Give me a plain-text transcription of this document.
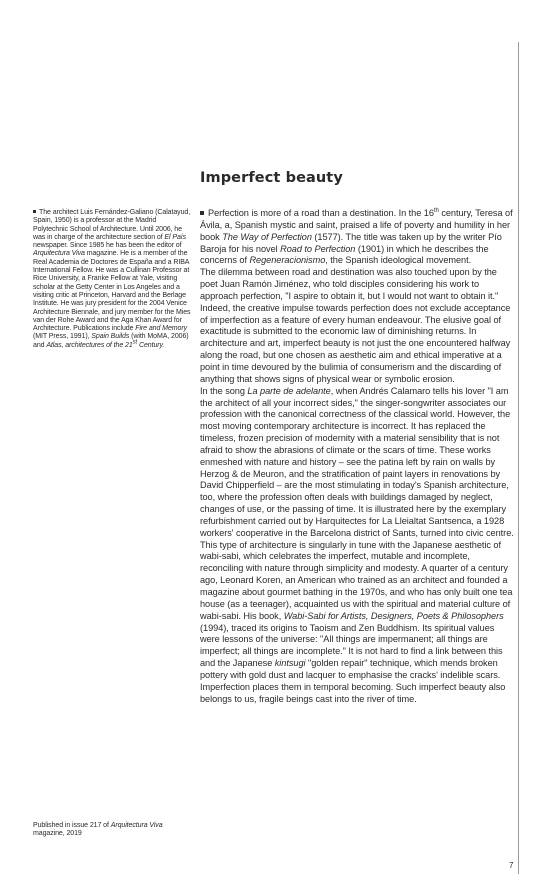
Imperfect beauty

The architect Luis Fernández-Galiano (Calatayud, Spain, 1950) is a professor at the Madrid Polytechnic School of Architecture. Until 2006, he was in charge of the architecture section of El País newspaper. Since 1985 he has been the editor of Arquitectura Viva magazine. He is a member of the Real Academia de Doctores de España and a RIBA International Fellow. He was a Cullinan Professor at Rice University, a Franke Fellow at Yale, visiting scholar at the Getty Center in Los Angeles and a visiting critic at Princeton, Harvard and the Berlage Institute. He was jury president for the 2004 Venice Architecture Biennale, and jury member for the Mies van der Rohe Award and the Aga Khan Award for Architecture. Publications include Fire and Memory (MIT Press, 1991), Spain Builds (with MoMA, 2006) and Atlas, architectures of the 21st Century.

Published in issue 217 of Arquitectura Viva magazine, 2019

Perfection is more of a road than a destination. In the 16th century, Teresa of Ávila, a, Spanish mystic and saint, praised a life of poverty and humility in her book The Way of Perfection (1577). The title was taken up by the writer Pío Baroja for his novel Road to Perfection (1901) in which he describes the concerns of Regeneracionismo, the Spanish ideological movement.

The dilemma between road and destination was also touched upon by the poet Juan Ramón Jiménez, who told disciples considering his work to approach perfection, "I aspire to obtain it, but I would not want to obtain it." Indeed, the creative impulse towards perfection does not exclude acceptance of imperfection as a feature of every human endeavour. The elusive goal of exactitude is submitted to the economic law of diminishing returns. In architecture and art, imperfect beauty is not just the one encountered halfway along the road, but one chosen as aesthetic aim and ethical imperative at a point in time devoured by the bulimia of consumerism and the discarding of anything that shows signs of physical wear or symbolic erosion.

In the song La parte de adelante, when Andrés Calamaro tells his lover "I am the architect of all your incorrect sides," the singer-songwriter associates our profession with the canonical correctness of the classical world. However, the most moving contemporary architecture is incorrect. It has replaced the timeless, frozen precision of modernity with a material sensibility that is not afraid to show the abrasions of climate or the scars of time. These works enmeshed with nature and history – see the patina left by rain on walls by Herzog & de Meuron, and the stratification of paint layers in renovations by David Chipperfield – are the most stimulating in today's Spanish architecture, too, where the profession often deals with buildings damaged by neglect, changes of use, or the passing of time. It is illustrated here by the exemplary refurbishment carried out by Harquitectes for La Lleialtat Santsenca, a 1928 workers' cooperative in the Barcelona district of Sants, turned into civic centre.

This type of architecture is singularly in tune with the Japanese aesthetic of wabi-sabi, which celebrates the imperfect, mutable and incomplete, reconciling with nature through simplicity and modesty. A quarter of a century ago, Leonard Koren, an American who trained as an architect and founded a magazine about gourmet bathing in the 1970s, and who has only built one tea house (as a teenager), acquainted us with the spiritual and material culture of wabi-sabi. His book, Wabi-Sabi for Artists, Designers, Poets & Philosophers (1994), traced its origins to Taoism and Zen Buddhism. Its spiritual values were lessons of the universe: "All things are impermanent; all things are imperfect; all things are incomplete." It is not hard to find a link between this and the Japanese kintsugi "golden repair" technique, which mends broken pottery with gold dust and lacquer to emphasise the cracks' indelible scars. Imperfection places them in temporal becoming. Such imperfect beauty also belongs to us, fragile beings cast into the river of time.

7
